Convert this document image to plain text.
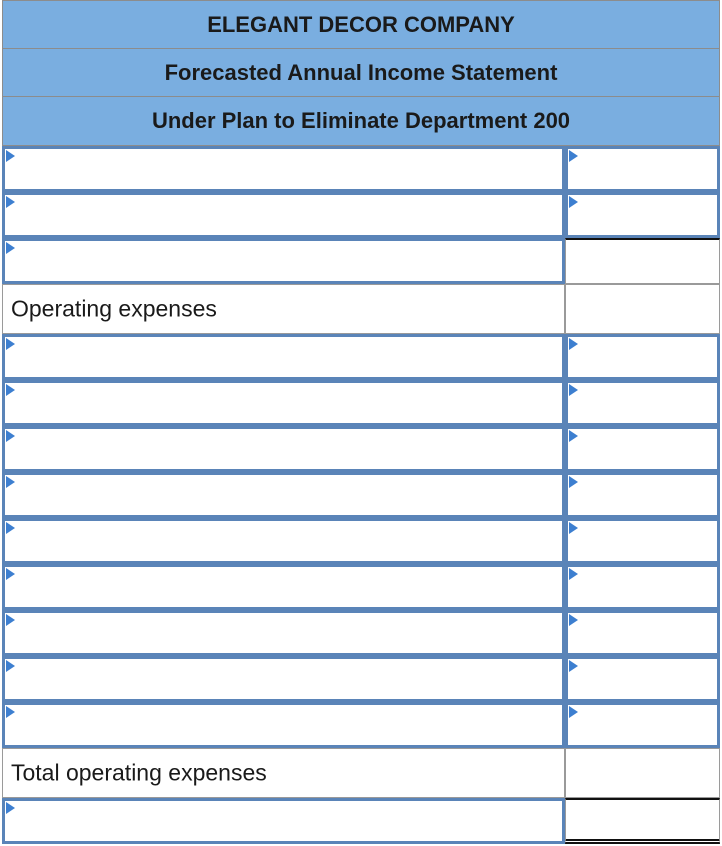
ELEGANT DECOR COMPANY
Forecasted Annual Income Statement
Under Plan to Eliminate Department 200
Operating expenses
Total operating expenses
